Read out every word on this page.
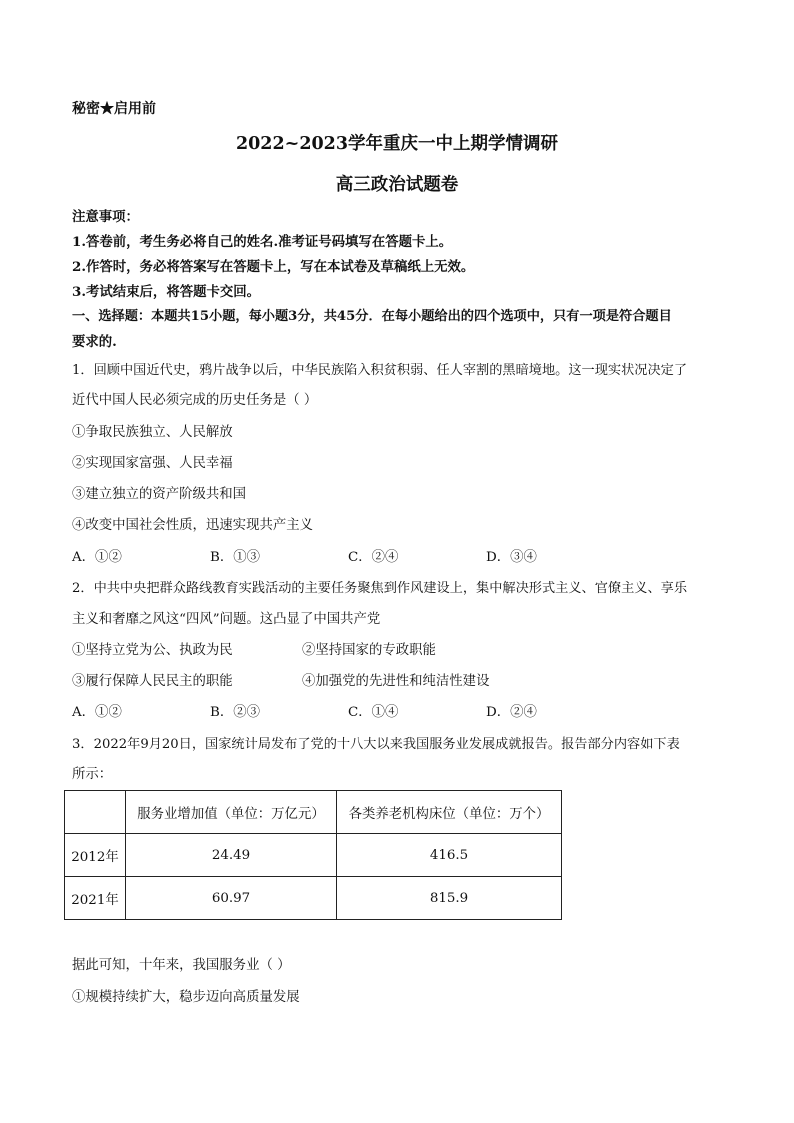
秘密★启用前
2022~2023学年重庆一中上期学情调研
高三政治试题卷
注意事项：
1.答卷前，考生务必将自己的姓名.准考证号码填写在答题卡上。
2.作答时，务必将答案写在答题卡上，写在本试卷及草稿纸上无效。
3.考试结束后，将答题卡交回。
一、选择题：本题共15小题，每小题3分，共45分．在每小题给出的四个选项中，只有一项是符合题目
要求的.
1．回顾中国近代史，鸦片战争以后，中华民族陷入积贫积弱、任人宰割的黑暗境地。这一现实状况决定了
近代中国人民必须完成的历史任务是（ ）
①争取民族独立、人民解放
②实现国家富强、人民幸福
③建立独立的资产阶级共和国
④改变中国社会性质，迅速实现共产主义
A．①②	B．①③	C．②④	D．③④
2．中共中央把群众路线教育实践活动的主要任务聚焦到作风建设上，集中解决形式主义、官僚主义、享乐
主义和奢靡之风这“四风”问题。这凸显了中国共产党
①坚持立党为公、执政为民	②坚持国家的专政职能
③履行保障人民民主的职能	④加强党的先进性和纯洁性建设
A．①②	B．②③	C．①④	D．②④
3．2022年9月20日，国家统计局发布了党的十八大以来我国服务业发展成就报告。报告部分内容如下表
所示：
	服务业增加值（单位：万亿元）	各类养老机构床位（单位：万个）
2012年	24.49	416.5
2021年	60.97	815.9
据此可知，十年来，我国服务业（ ）
①规模持续扩大，稳步迈向高质量发展
